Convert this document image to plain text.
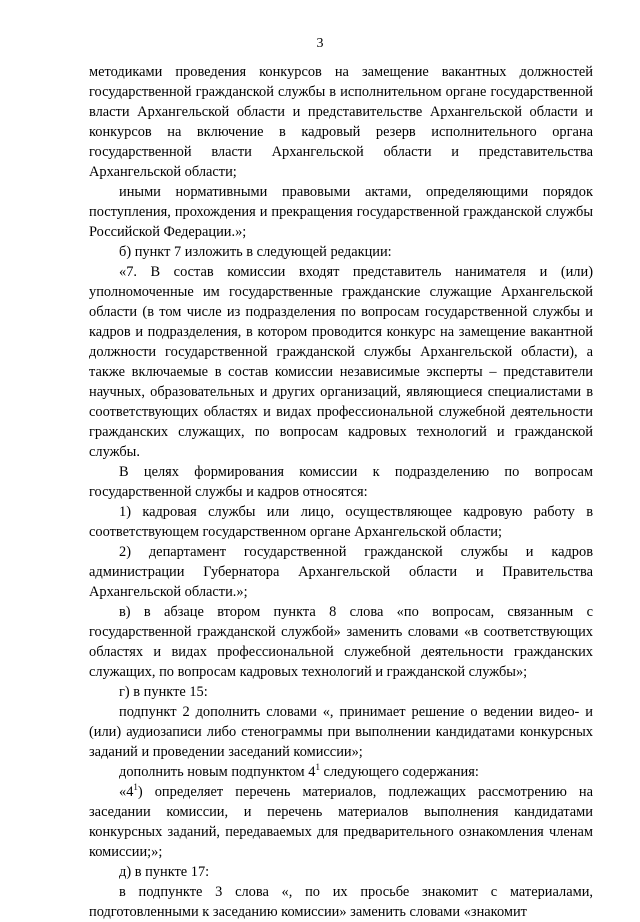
3

методиками проведения конкурсов на замещение вакантных должностей государственной гражданской службы в исполнительном органе государственной власти Архангельской области и представительстве Архангельской области и конкурсов на включение в кадровый резерв исполнительного органа государственной власти Архангельской области и представительства Архангельской области;

иными нормативными правовыми актами, определяющими порядок поступления, прохождения и прекращения государственной гражданской службы Российской Федерации.»;

б) пункт 7 изложить в следующей редакции:

«7. В состав комиссии входят представитель нанимателя и (или) уполномоченные им государственные гражданские служащие Архангельской области (в том числе из подразделения по вопросам государственной службы и кадров и подразделения, в котором проводится конкурс на замещение вакантной должности государственной гражданской службы Архангельской области), а также включаемые в состав комиссии независимые эксперты – представители научных, образовательных и других организаций, являющиеся специалистами в соответствующих областях и видах профессиональной служебной деятельности гражданских служащих, по вопросам кадровых технологий и гражданской службы.

В целях формирования комиссии к подразделению по вопросам государственной службы и кадров относятся:

1) кадровая службы или лицо, осуществляющее кадровую работу в соответствующем государственном органе Архангельской области;

2) департамент государственной гражданской службы и кадров администрации Губернатора Архангельской области и Правительства Архангельской области.»;

в) в абзаце втором пункта 8 слова «по вопросам, связанным с государственной гражданской службой» заменить словами «в соответствующих областях и видах профессиональной служебной деятельности гражданских служащих, по вопросам кадровых технологий и гражданской службы»;

г) в пункте 15:

подпункт 2 дополнить словами «, принимает решение о ведении видео- и (или) аудиозаписи либо стенограммы при выполнении кандидатами конкурсных заданий и проведении заседаний комиссии»;

дополнить новым подпунктом $4^1$ следующего содержания:

«$4^1$) определяет перечень материалов, подлежащих рассмотрению на заседании комиссии, и перечень материалов выполнения кандидатами конкурсных заданий, передаваемых для предварительного ознакомления членам комиссии;»;

д) в пункте 17:

в подпункте 3 слова «, по их просьбе знакомит с материалами, подготовленными к заседанию комиссии» заменить словами «знакомит
